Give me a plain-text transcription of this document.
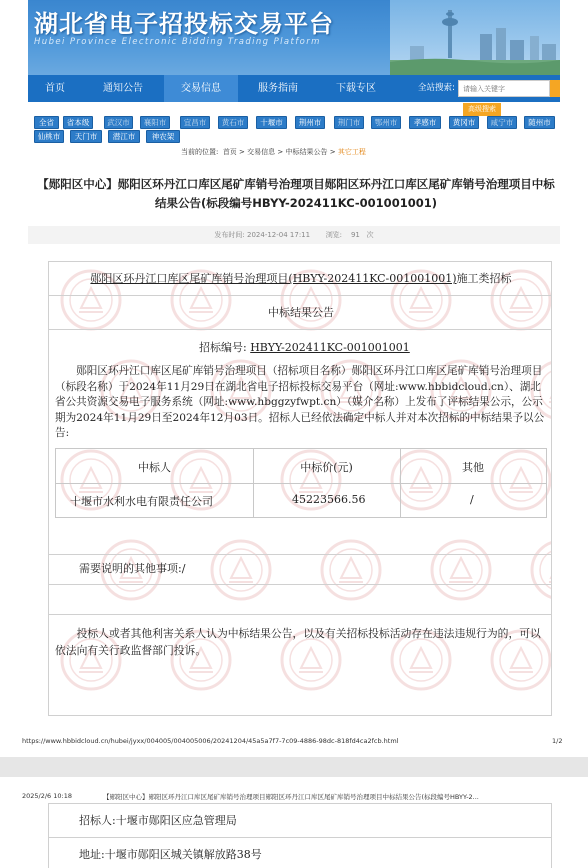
湖北省电子招投标交易平台
Hubei Province Electronic Bidding Trading Platform
首页	通知公告	交易信息	服务指南	下载专区	全站搜索:
请输入关键字
高级搜索
全省	省本级	武汉市	襄阳市	宜昌市	黄石市	十堰市	荆州市	荆门市	鄂州市	孝感市	黄冈市	咸宁市	随州市
仙桃市	天门市	潜江市	神农架
当前的位置: 首页 > 交易信息 > 中标结果公告 > 其它工程
【郧阳区中心】郧阳区环丹江口库区尾矿库销号治理项目郧阳区环丹江口库区尾矿库销号治理项目中标结果公告(标段编号HBYY-202411KC-001001001)
发布时间: 2024-12-04 17:11 浏览: 91 次
郧阳区环丹江口库区尾矿库销号治理项目(HBYY-202411KC-001001001)施工类招标
中标结果公告
招标编号: HBYY-202411KC-001001001
郧阳区环丹江口库区尾矿库销号治理项目（招标项目名称）郧阳区环丹江口库区尾矿库销号治理项目（标段名称）于2024年11月29日在湖北省电子招标投标交易平台（网址:www.hbbidcloud.cn）、湖北省公共资源交易电子服务系统（网址:www.hbggzyfwpt.cn）（媒介名称）上发布了评标结果公示，公示期为2024年11月29日至2024年12月03日。招标人已经依法确定中标人并对本次招标的中标结果予以公告:
中标人	中标价(元)	其他
十堰市水利水电有限责任公司	45223566.56	/
需要说明的其他事项:/
投标人或者其他利害关系人认为中标结果公告，以及有关招标投标活动存在违法违规行为的，可以依法向有关行政监督部门投诉。
https://www.hbbidcloud.cn/hubei/jyxx/004005/004005006/20241204/45a5a7f7-7c09-4886-98dc-818fd4ca2fcb.html	1/2
2025/2/6 10:18	【郧阳区中心】郧阳区环丹江口库区尾矿库销号治理项目郧阳区环丹江口库区尾矿库销号治理项目中标结果公告(标段编号HBYY-2...
招标人:十堰市郧阳区应急管理局
地址:十堰市郧阳区城关镇解放路38号
